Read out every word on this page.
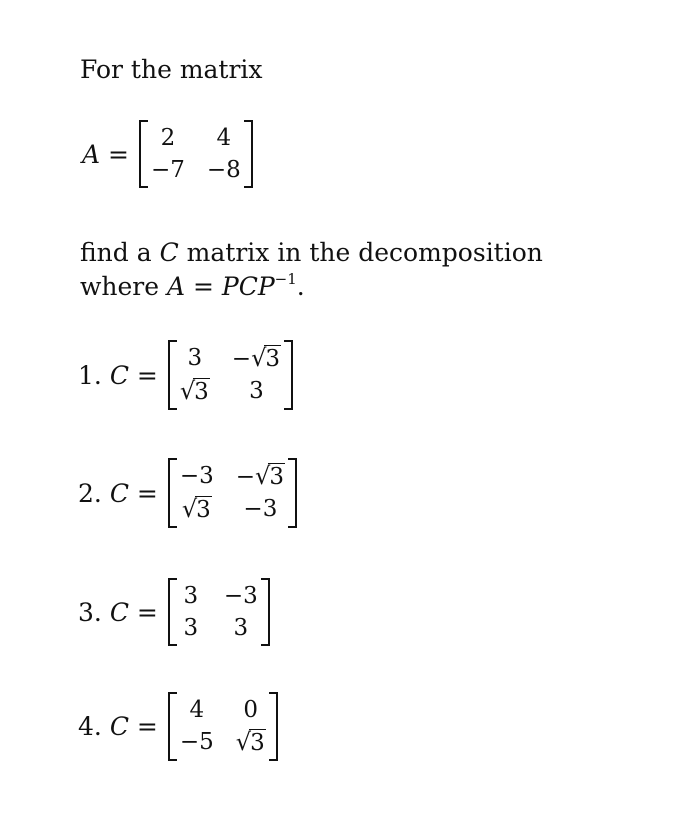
For the matrix
A =
2	4
−7 −8
find a C matrix in the decomposition
where $A = PCP^{-1}$.
1. C =
3	−√3
√3	3
2. C =
−3 −√3
√3	−3
3. C =
3 −3
3	3
4. C =
4	0
−5 √3
